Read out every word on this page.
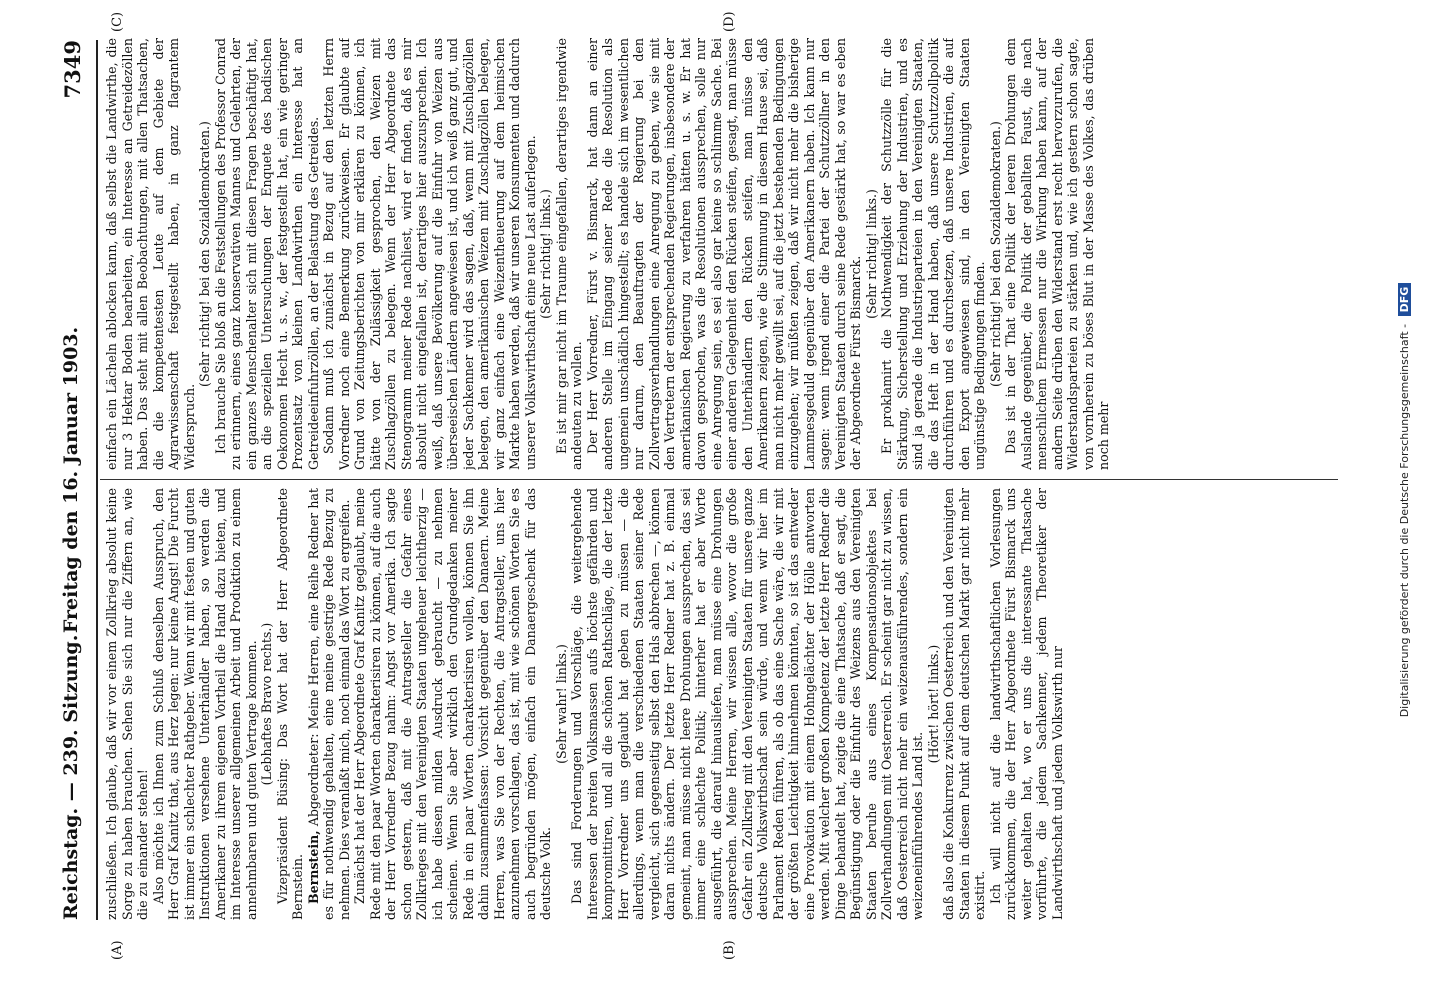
Reichstag. — 239. Sitzung.
Freitag den 16. Januar 1903.
7349
(A)	(B)
(C)	(D)

zuschließen. Ich glaube, daß wir vor einem Zollkrieg absolut keine Sorge zu haben brauchen. Sehen Sie sich nur die Ziffern an, wie die zu einander stehen! Also möchte ich Ihnen zum Schluß denselben Ausspruch, den Herr Graf Kanitz that, aus Herz legen: nur keine Angst! Die Furcht ist immer ein schlechter Rathgeber. Wenn wir mit festen und guten Instruktionen versehene Unterhändler haben, so werden die Amerikaner zu ihrem eigenen Vortheil die Hand dazu bieten, und im Interesse unserer allgemeinen Arbeit und Produktion zu einem annehmbaren und guten Vertrage kommen. (Lebhaftes Bravo rechts.) Vizepräsident Büsing: Das Wort hat der Herr Abgeordnete Bernstein. Bernstein, Abgeordneter: Meine Herren, eine Reihe Redner hat es für nothwendig gehalten, eine meine gestrige Rede Bezug zu nehmen. Dies veranlaßt mich, noch einmal das Wort zu ergreifen. Zunächst hat der Herr Abgeordnete Graf Kanitz geglaubt, meine Rede mit den paar Worten charakterisiren zu können, auf die auch der Herr Vorredner Bezug nahm: Angst vor Amerika. Ich sagte schon gestern, daß mit die Antragsteller die Gefahr eines Zollkrieges mit den Vereinigten Staaten ungeheuer leichtherzig — ich habe diesen milden Ausdruck gebraucht — zu nehmen scheinen. Wenn Sie aber wirklich den Grundgedanken meiner Rede in ein paar Worten charakterisiren wollen, können Sie ihn dahin zusammenfassen: Vorsicht gegenüber den Danaern. Meine Herren, was Sie von der Rechten, die Antragsteller, uns hier anzunehmen vorschlagen, das ist, mit wie schönen Worten Sie es auch begründen mögen, einfach ein Danaergeschenk für das deutsche Volk.

(Sehr wahr! links.) Das sind Forderungen und Vorschläge, die weitergehende Interessen der breiten Volksmassen aufs höchste gefährden und kompromittiren, und all die schönen Rathschläge, die der letzte Herr Vorredner uns geglaubt hat geben zu müssen — die allerdings, wenn man die verschiedenen Staaten seiner Rede vergleicht, sich gegenseitig selbst den Hals abbrechen —, können daran nichts ändern. Der letzte Herr Redner hat z. B. einmal gemeint, man müsse nicht leere Drohungen aussprechen, das sei immer eine schlechte Politik; hinterher hat er aber Worte ausgeführt, die darauf hinausliefen, man müsse eine Drohungen aussprechen. Meine Herren, wir wissen alle, wovor die große Gefahr ein Zollkrieg mit den Vereinigten Staaten für unsere ganze deutsche Volkswirthschaft sein würde, und wenn wir hier im Parlament Reden führen, als ob das eine Sache wäre, die wir mit der größten Leichtigkeit hinnehmen könnten, so ist das entweder eine Provokation mit einem Hohngelächter der Hölle antworten werden. Mit welcher großen Kompetenz der letzte Herr Redner die Dinge behandelt hat, zeigte die eine Thatsache, daß er sagt, die Begünstigung oder die Einfuhr des Weizens aus den Vereinigten Staaten beruhe aus eines Kompensationsobjektes bei Zollverhandlungen mit Oesterreich. Er scheint gar nicht zu wissen, daß Oesterreich nicht mehr ein weizenausführendes, sondern ein weizeneinführendes Land ist.

(Hört! hört! links.) daß also die Konkurrenz zwischen Oesterreich und den Vereinigten Staaten in diesem Punkt auf dem deutschen Markt gar nicht mehr existirt. Ich will nicht auf die landwirthschaftlichen Vorlesungen zurückkommen, die der Herr Abgeordnete Fürst Bismarck uns weiter gehalten hat, wo er uns die interessante Thatsache vorführte, die jedem Sachkenner, jedem Theoretiker der Landwirthschaft und jedem Volkswirth nur

einfach ein Lächeln ablocken kann, daß selbst die Landwirthe, die nur 3 Hektar Boden bearbeiten, ein Interesse an Getreidezöllen haben. Das steht mit allen Beobachtungen, mit allen Thatsachen, die die kompetentesten Leute auf dem Gebiete der Agrarwissenschaft festgestellt haben, in ganz flagrantem Widerspruch.

(Sehr richtig! bei den Sozialdemokraten.) Ich brauche Sie bloß an die Feststellungen des Professor Conrad zu erinnern, eines ganz konservativen Mannes und Gelehrten, der ein ganzes Menschenalter sich mit diesen Fragen beschäftigt hat, an die speziellen Untersuchungen der Enquete des badischen Oekonomen Hecht u. s. w., der festgestellt hat, ein wie geringer Prozentsatz von kleinen Landwirthen ein Interesse hat an Getreideeinfuhrzöllen, an der Belastung des Getreides. Sodann muß ich zunächst in Bezug auf den letzten Herrn Vorredner noch eine Bemerkung zurückweisen. Er glaubte auf Grund von Zeitungsberichten von mir erklären zu können, ich hätte von der Zulässigkeit gesprochen, den Weizen mit Zuschlagzöllen zu belegen. Wenn der Herr Abgeordnete das Stenogramm meiner Rede nachliest, wird er finden, daß es mir absolut nicht eingefallen ist, derartiges hier auszusprechen. Ich weiß, daß unsere Bevölkerung auf die Einfuhr von Weizen aus überseeischen Ländern angewiesen ist, und ich weiß ganz gut, und jeder Sachkenner wird das sagen, daß, wenn mit Zuschlagzöllen belegen, den amerikanischen Weizen mit Zuschlagzöllen belegen, wir ganz einfach eine Weizentheuerung auf dem heimischen Markte haben werden, daß wir unseren Konsumenten und dadurch unserer Volkswirthschaft eine neue Last auferlegen. (Sehr richtig! links.) Es ist mir gar nicht im Traume eingefallen, derartiges irgendwie andeuten zu wollen. Der Herr Vorredner, Fürst v. Bismarck, hat dann an einer anderen Stelle im Eingang seiner Rede die Resolution als ungemein unschädlich hingestellt; es handele sich im wesentlichen nur darum, den Beauftragten der Regierung bei den Zollvertragsverhandlungen eine Anregung zu geben, wie sie mit den Vertretern der entsprechenden Regierungen, insbesondere der amerikanischen Regierung zu verfahren hätten u. s. w. Er hat davon gesprochen, was die Resolutionen aussprechen, solle nur eine Anregung sein, es sei also gar keine so schlimme Sache. Bei einer anderen Gelegenheit den Rücken steifen, gesagt, man müsse den Unterhändlern den Rücken steifen, man müsse den Amerikanern zeigen, wie die Stimmung in diesem Hause sei, daß man nicht mehr gewillt sei, auf die jetzt bestehenden Bedingungen einzugehen; wir müßten zeigen, daß wir nicht mehr die bisherige Lammesgeduld gegenüber den Amerikanern haben. Ich kann nur sagen: wenn irgend einer die Partei der Schutzzöllner in den Vereinigten Staaten durch seine Rede gestärkt hat, so war es eben der Abgeordnete Fürst Bismarck.

(Sehr richtig! links.) Er proklamirt die Nothwendigkeit der Schutzzölle für die Stärkung, Sicherstellung und Erziehung der Industrien, und es sind ja gerade die Industrieparteien in den Vereinigten Staaten, die das Heft in der Hand haben, daß unsere Schutzzollpolitik durchführen und es durchsetzen, daß unsere Industrien, die auf den Export angewiesen sind, in den Vereinigten Staaten ungünstige Bedingungen finden. (Sehr richtig! bei den Sozialdemokraten.) Das ist in der That eine Politik der leeren Drohungen dem Auslande gegenüber, die Politik der geballten Faust, die nach menschlichem Ermessen nur die Wirkung haben kann, auf der andern Seite drüben den Widerstand erst recht hervorzurufen, die Widerstandsparteien zu stärken und, wie ich gestern schon sagte, von vornherein zu böses Blut in der Masse des Volkes, das drüben noch mehr	Digitalisierung gefördert durch die Deutsche Forschungsgemeinschaft - DFG
